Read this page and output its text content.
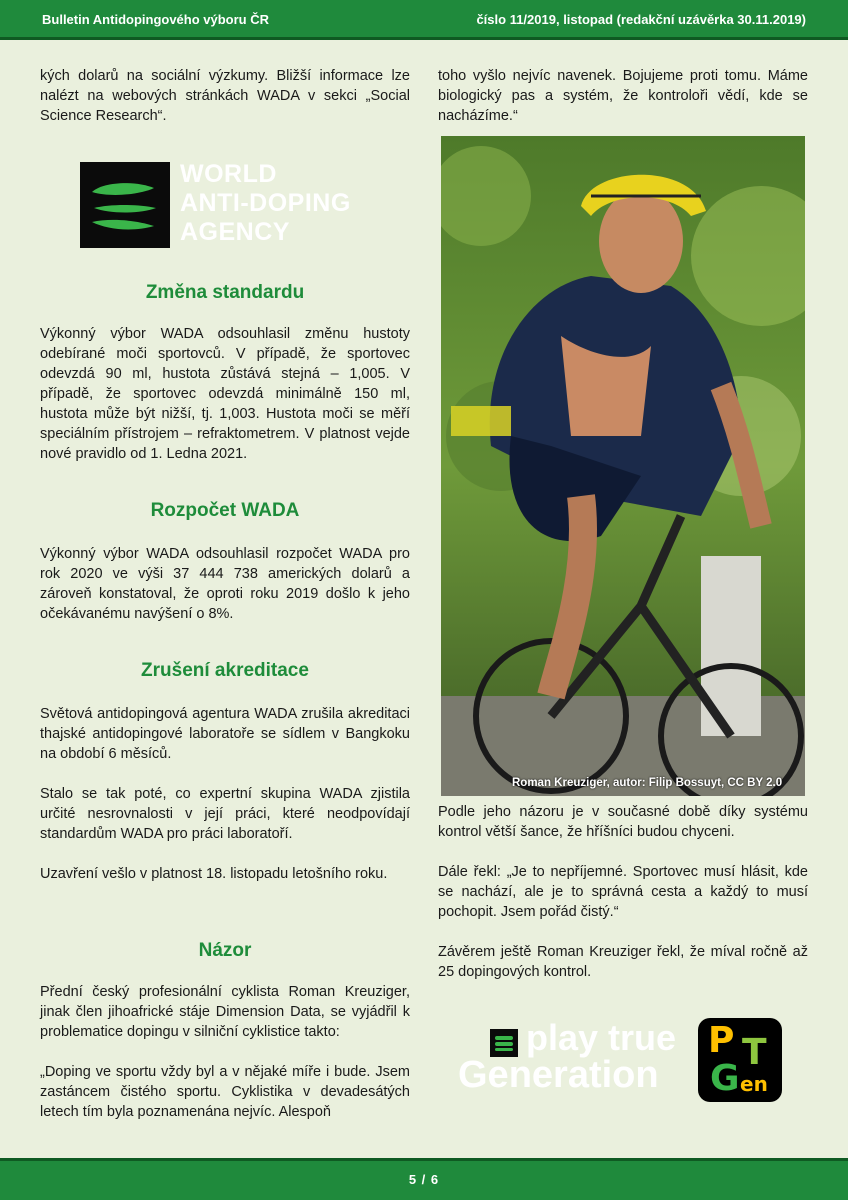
Bulletin Antidopingového výboru ČR	číslo 11/2019, listopad (redakční uzávěrka 30.11.2019)

kých dolarů na sociální výzkumy. Bližší informace lze nalézt na webových stránkách WADA v sekci „Social Science Research“.

WORLD
ANTI-DOPING
AGENCY
Změna standardu

Výkonný výbor WADA odsouhlasil změnu hustoty odebírané moči sportovců. V případě, že sportovec odevzdá 90 ml, hustota zůstává stejná – 1,005. V případě, že sportovec odevzdá minimálně 150 ml, hustota může být nižší, tj. 1,003. Hustota moči se měří speciálním přístrojem – refraktometrem. V platnost vejde nové pravidlo od 1. Ledna 2021.

Rozpočet WADA

Výkonný výbor WADA odsouhlasil rozpočet WADA pro rok 2020 ve výši 37 444 738 amerických dolarů a zároveň konstatoval, že oproti roku 2019 došlo k jeho očekávanému navýšení o 8%.

Zrušení akreditace

Světová antidopingová agentura WADA zrušila akreditaci thajské antidopingové laboratoře se sídlem v Bangkoku na období 6 měsíců.

Stalo se tak poté, co expertní skupina WADA zjistila určité nesrovnalosti v její práci, které neodpovídají standardům WADA pro práci laboratoří.

Uzavření vešlo v platnost 18. listopadu letošního roku.

Názor

Přední český profesionální cyklista Roman Kreuziger, jinak člen jihoafrické stáje Dimension Data, se vyjádřil k problematice dopingu v silniční cyklistice takto:

„Doping ve sportu vždy byl a v nějaké míře i bude. Jsem zastáncem čistého sportu. Cyklistika v devadesátých letech tím byla poznamenána nejvíc. Alespoň

toho vyšlo nejvíc navenek. Bojujeme proti tomu. Máme biologický pas a systém, že kontroloři vědí, kde se nacházíme.“

Roman Kreuziger, autor: Filip Bossuyt, CC BY 2.0

Podle jeho názoru je v současné době díky systému kontrol větší šance, že hříšníci budou chyceni.

Dále řekl: „Je to nepříjemné. Sportovec musí hlásit, kde se nachází, ale je to správná cesta a každý to musí pochopit. Jsem pořád čistý.“

Závěrem ještě Roman Kreuziger řekl, že míval ročně až 25 dopingových kontrol.

play true
Generation
P T
G en
5 / 6
